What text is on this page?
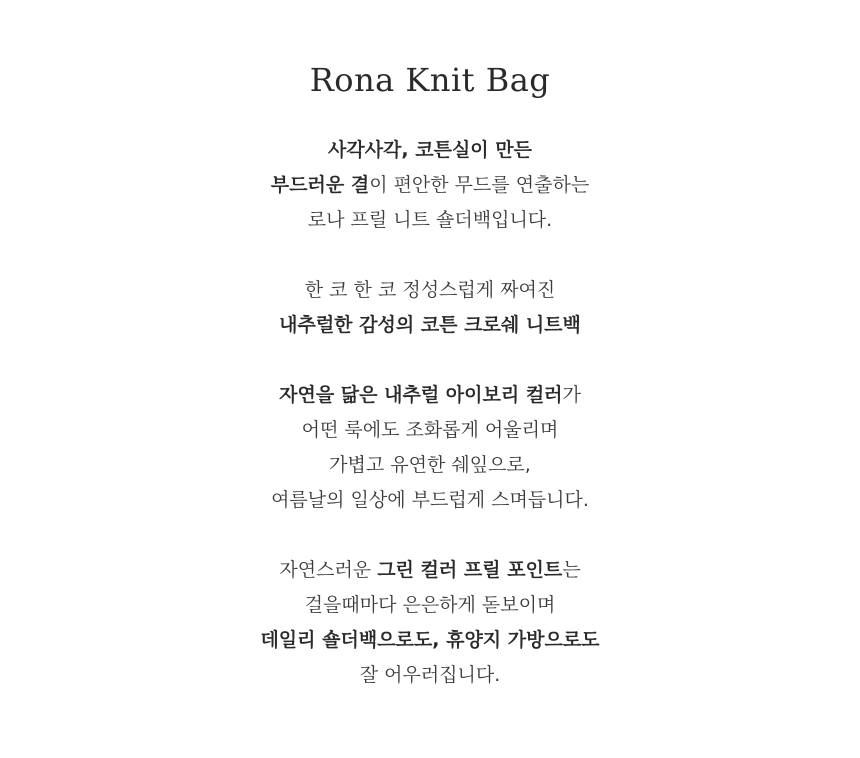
Rona Knit Bag
사각사각, 코튼실이 만든
부드러운 결이 편안한 무드를 연출하는
로나 프릴 니트 숄더백입니다.
한 코 한 코 정성스럽게 짜여진
내추럴한 감성의 코튼 크로쉐 니트백
자연을 닮은 내추럴 아이보리 컬러가
어떤 룩에도 조화롭게 어울리며
가볍고 유연한 쉐잎으로,
여름날의 일상에 부드럽게 스며듭니다.
자연스러운 그린 컬러 프릴 포인트는
걸을때마다 은은하게 돋보이며
데일리 숄더백으로도, 휴양지 가방으로도
잘 어우러집니다.
